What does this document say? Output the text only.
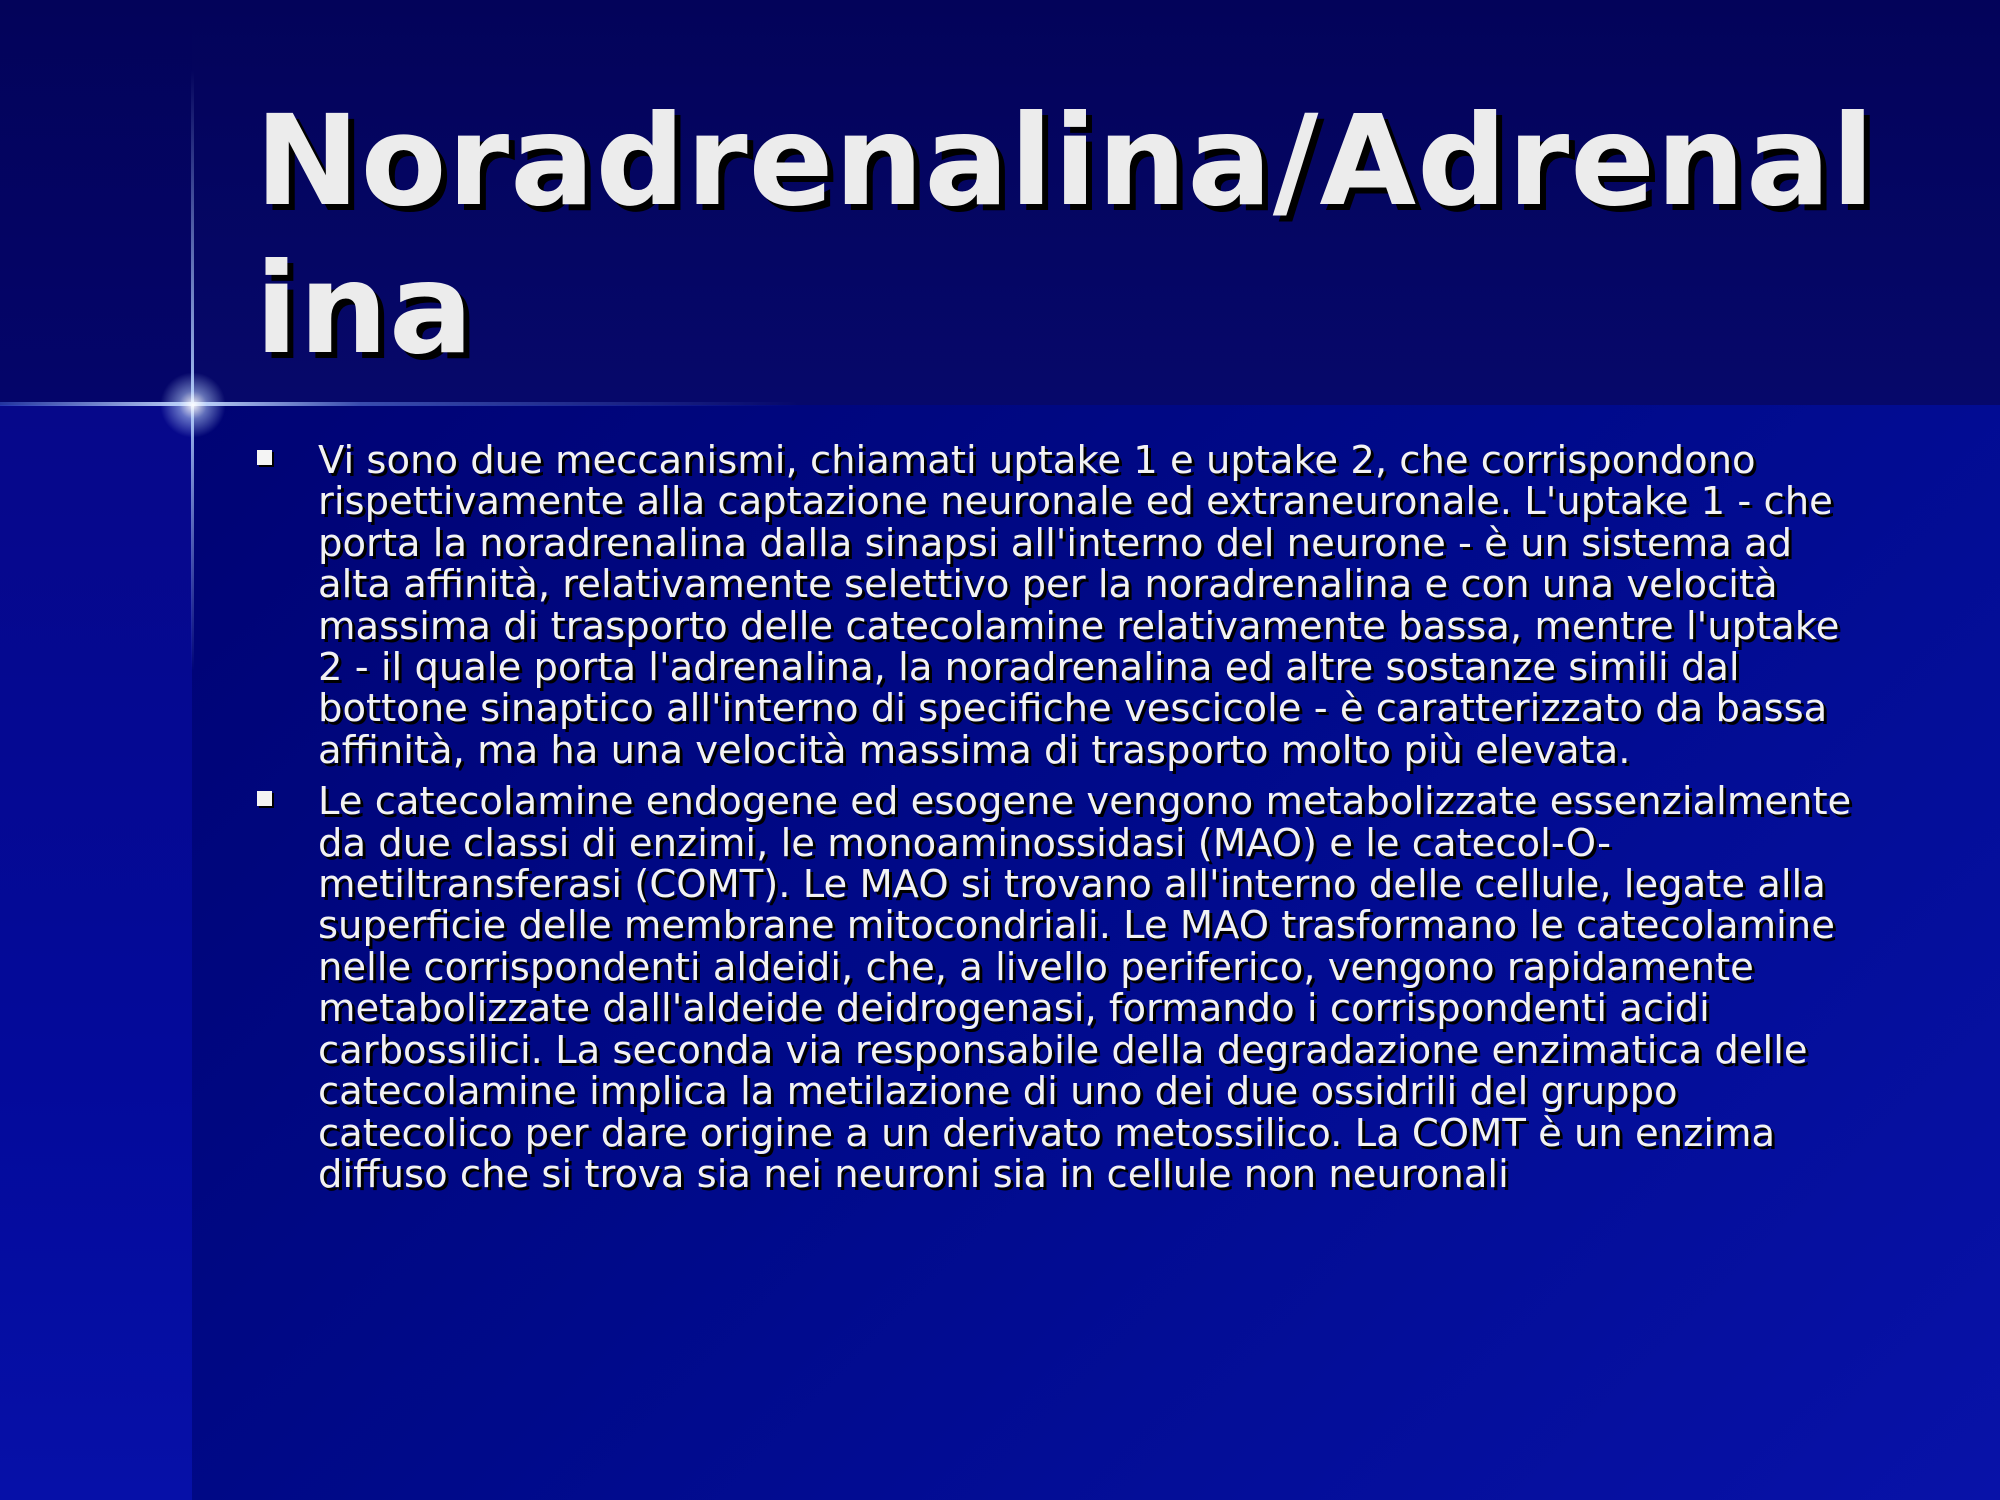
Noradrenalina/Adrenalina
Vi sono due meccanismi, chiamati uptake 1 e uptake 2, che corrispondono rispettivamente alla captazione neuronale ed extraneuronale. L'uptake 1 - che porta la noradrenalina dalla sinapsi all'interno del neurone - è un sistema ad alta affinità, relativamente selettivo per la noradrenalina e con una velocità massima di trasporto delle catecolamine relativamente bassa, mentre l'uptake 2 - il quale porta l'adrenalina, la noradrenalina ed altre sostanze simili dal bottone sinaptico all'interno di specifiche vescicole - è caratterizzato da bassa affinità, ma ha una velocità massima di trasporto molto più elevata.
Le catecolamine endogene ed esogene vengono metabolizzate essenzialmente da due classi di enzimi, le monoaminossidasi (MAO) e le catecol-O-metiltransferasi (COMT). Le MAO si trovano all'interno delle cellule, legate alla superficie delle membrane mitocondriali. Le MAO trasformano le catecolamine nelle corrispondenti aldeidi, che, a livello periferico, vengono rapidamente metabolizzate dall'aldeide deidrogenasi, formando i corrispondenti acidi carbossilici. La seconda via responsabile della degradazione enzimatica delle catecolamine implica la metilazione di uno dei due ossidrili del gruppo catecolico per dare origine a un derivato metossilico. La COMT è un enzima diffuso che si trova sia nei neuroni sia in cellule non neuronali
